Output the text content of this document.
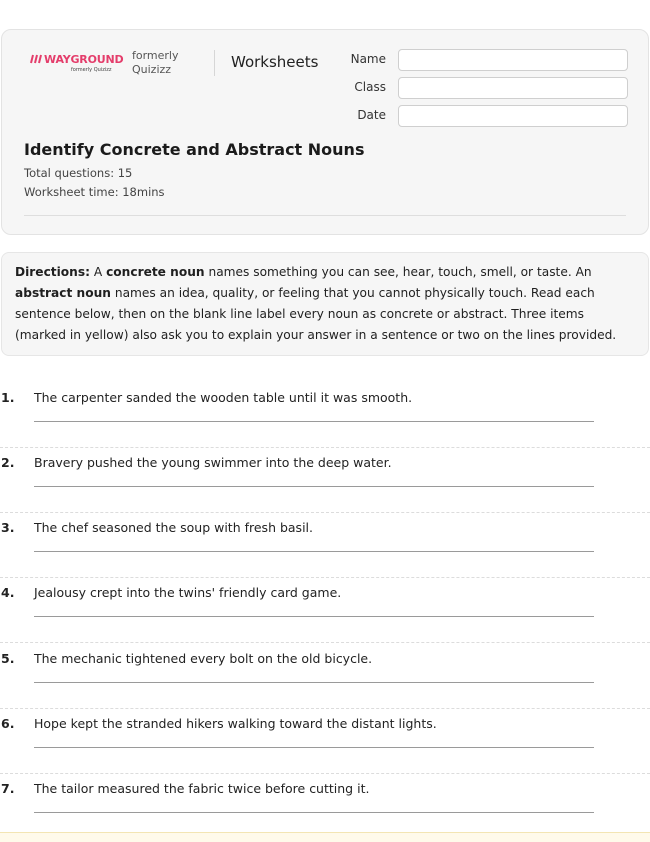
WAYGROUND
formerly Quizizz
formerly
Quizizz	Worksheets	Name
Class
Date
Identify Concrete and Abstract Nouns
Total questions: 15
Worksheet time: 18mins
Directions: A concrete noun names something you can see, hear, touch, smell, or taste. An abstract noun names an idea, quality, or feeling that you cannot physically touch. Read each sentence below, then on the blank line label every noun as concrete or abstract. Three items (marked in yellow) also ask you to explain your answer in a sentence or two on the lines provided.
1. The carpenter sanded the wooden table until it was smooth.
2. Bravery pushed the young swimmer into the deep water.
3. The chef seasoned the soup with fresh basil.
4. Jealousy crept into the twins' friendly card game.
5. The mechanic tightened every bolt on the old bicycle.
6. Hope kept the stranded hikers walking toward the distant lights.
7. The tailor measured the fabric twice before cutting it.
